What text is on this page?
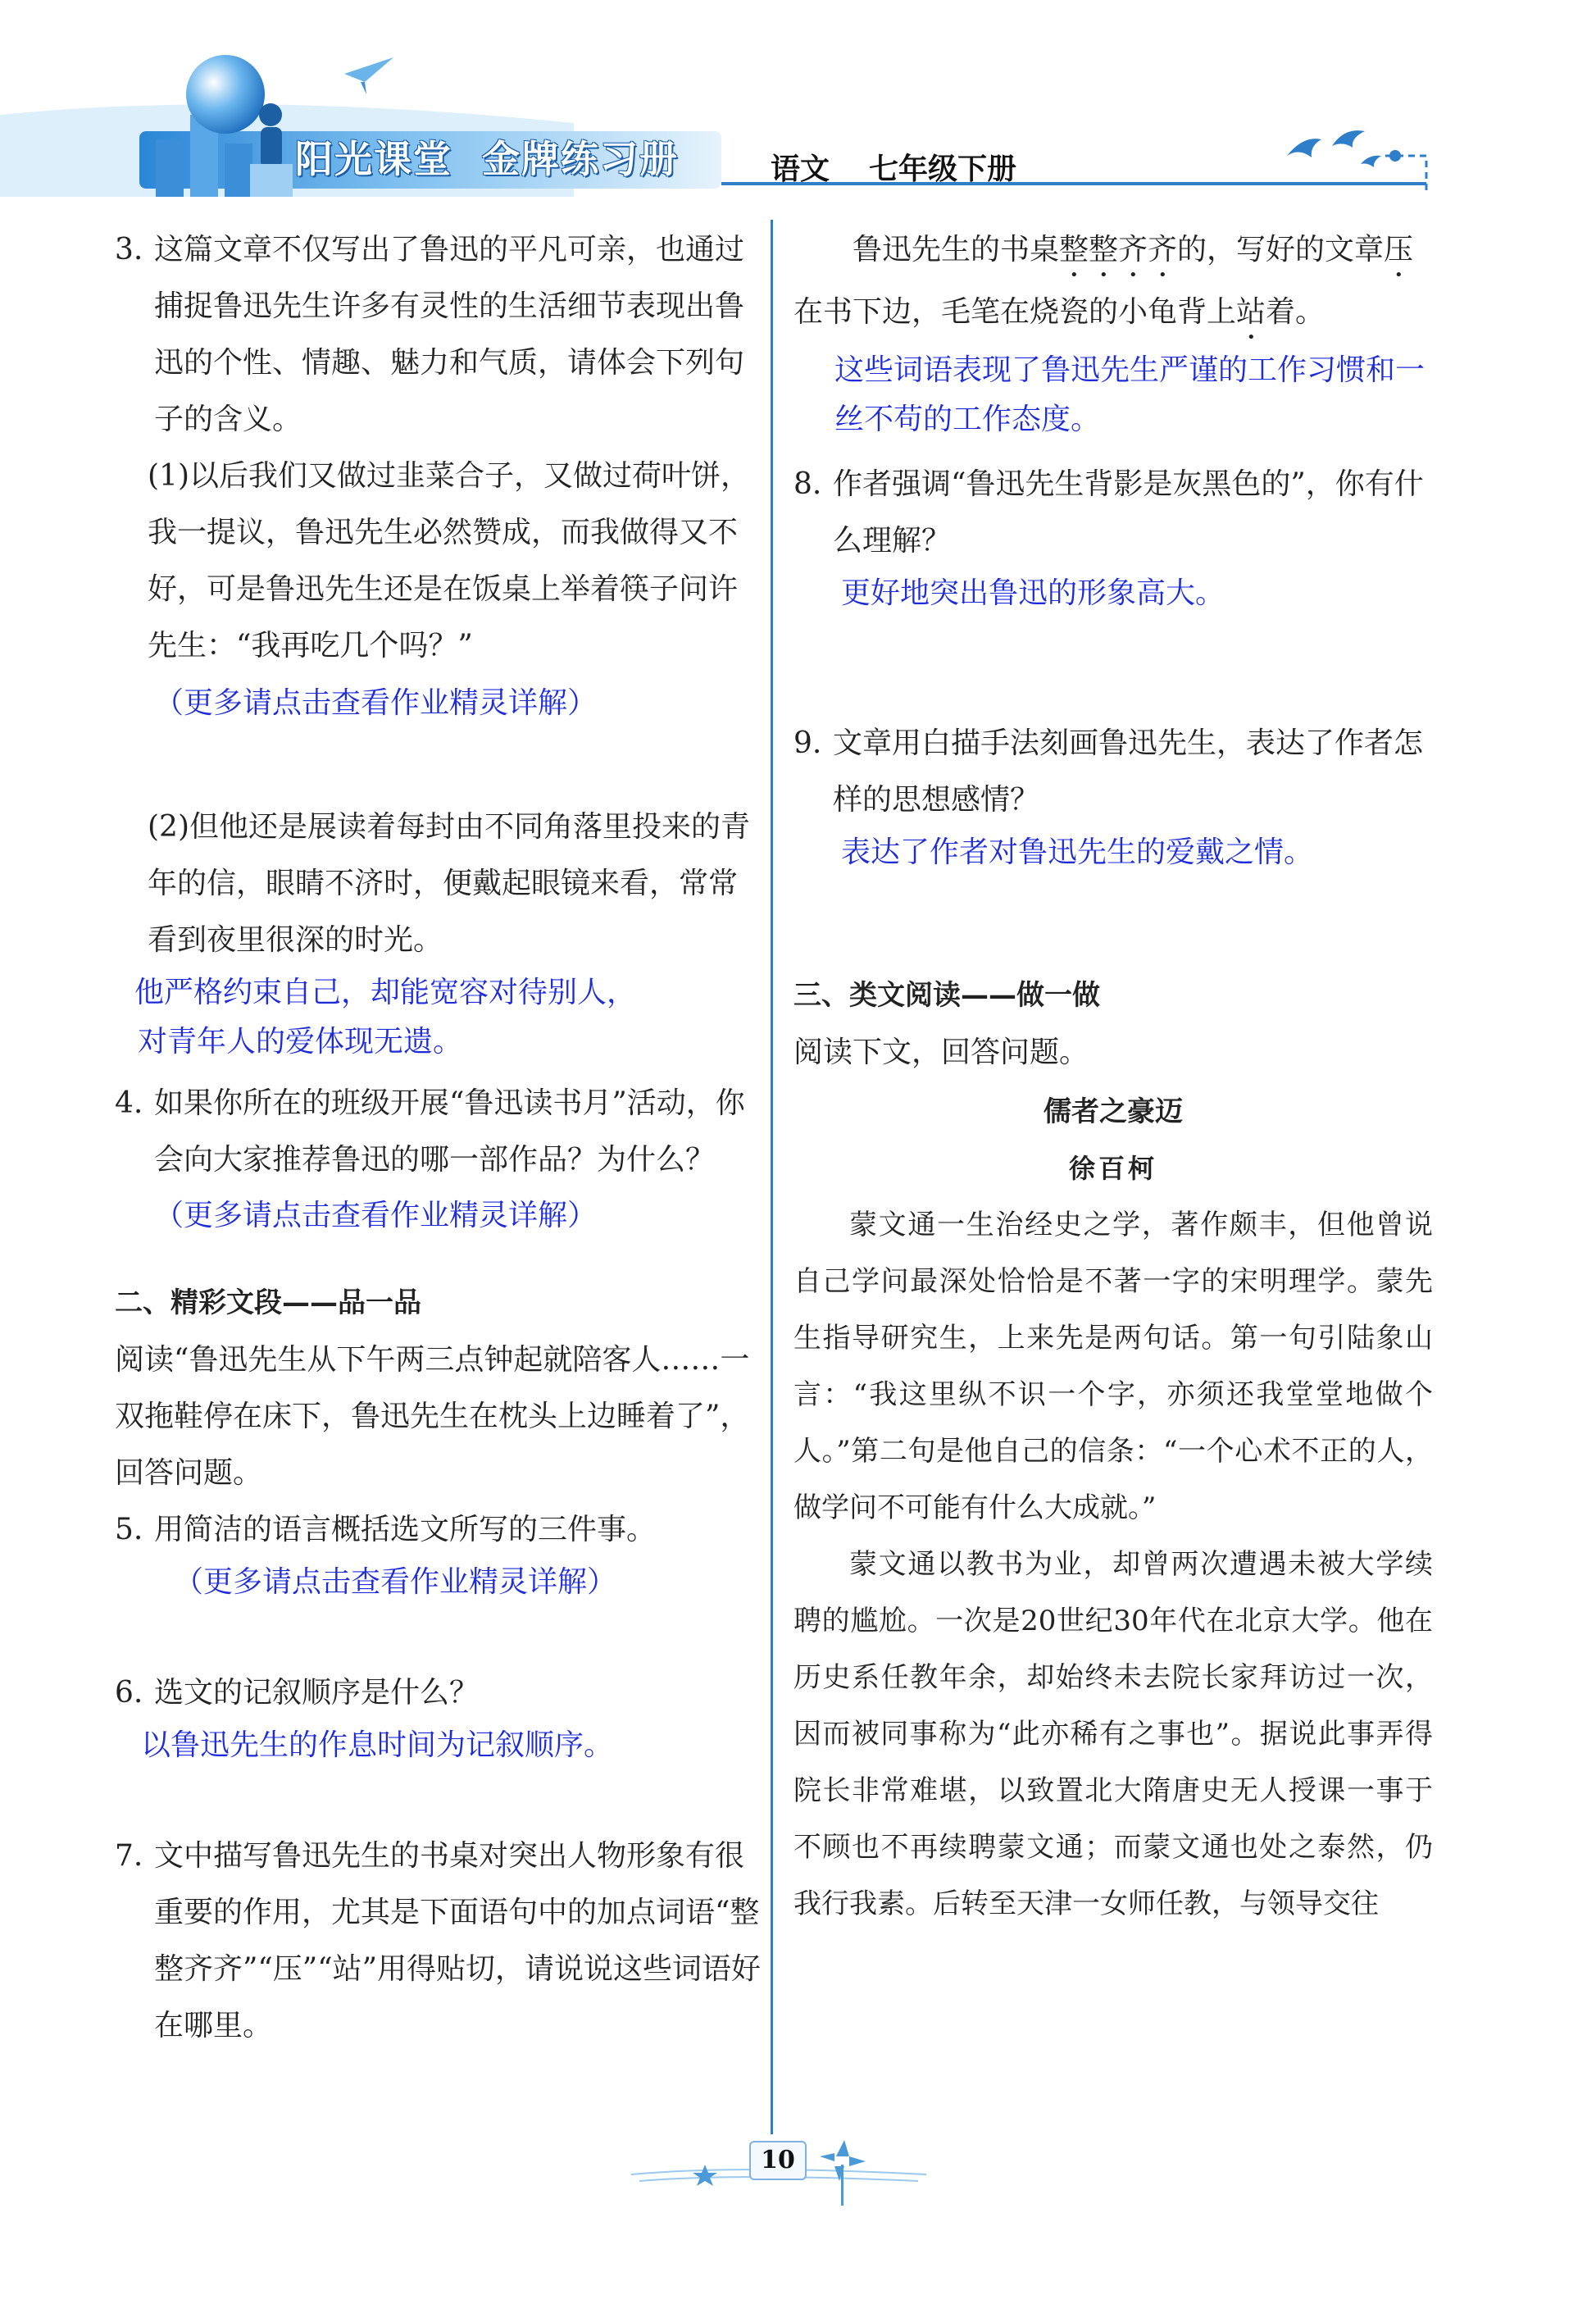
阳光课堂 金牌练习册	语文 七年级下册
3. 这篇文章不仅写出了鲁迅的平凡可亲，也通过捕捉鲁迅先生许多有灵性的生活细节表现出鲁迅的个性、情趣、魅力和气质，请体会下列句子的含义。

(1)以后我们又做过韭菜合子，又做过荷叶饼，我一提议，鲁迅先生必然赞成，而我做得又不好，可是鲁迅先生还是在饭桌上举着筷子问许先生：“我再吃几个吗？”

（更多请点击查看作业精灵详解）

(2)但他还是展读着每封由不同角落里投来的青年的信，眼睛不济时，便戴起眼镜来看，常常看到夜里很深的时光。

他严格约束自己，却能宽容对待别人，

对青年人的爱体现无遗。

4. 如果你所在的班级开展“鲁迅读书月”活动，你会向大家推荐鲁迅的哪一部作品？为什么？

（更多请点击查看作业精灵详解）

二、精彩文段——品一品

阅读“鲁迅先生从下午两三点钟起就陪客人……一双拖鞋停在床下，鲁迅先生在枕头上边睡着了”，回答问题。

5. 用简洁的语言概括选文所写的三件事。

（更多请点击查看作业精灵详解）

6. 选文的记叙顺序是什么？

以鲁迅先生的作息时间为记叙顺序。

7. 文中描写鲁迅先生的书桌对突出人物形象有很重要的作用，尤其是下面语句中的加点词语“整整齐齐”“压”“站”用得贴切，请说说这些词语好在哪里。

鲁迅先生的书桌整整齐齐的，写好的文章压在书下边，毛笔在烧瓷的小龟背上站着。

这些词语表现了鲁迅先生严谨的工作习惯和一丝不苟的工作态度。

8. 作者强调“鲁迅先生背影是灰黑色的”，你有什么理解？

更好地突出鲁迅的形象高大。

9. 文章用白描手法刻画鲁迅先生，表达了作者怎样的思想感情？

表达了作者对鲁迅先生的爱戴之情。

三、类文阅读——做一做

阅读下文，回答问题。

儒者之豪迈

徐百柯

蒙文通一生治经史之学，著作颇丰，但他曾说自己学问最深处恰恰是不著一字的宋明理学。蒙先生指导研究生，上来先是两句话。第一句引陆象山言：“我这里纵不识一个字，亦须还我堂堂地做个人。”第二句是他自己的信条：“一个心术不正的人，做学问不可能有什么大成就。”

蒙文通以教书为业，却曾两次遭遇未被大学续聘的尴尬。一次是20世纪30年代在北京大学。他在历史系任教年余，却始终未去院长家拜访过一次，因而被同事称为“此亦稀有之事也”。据说此事弄得院长非常难堪，以致置北大隋唐史无人授课一事于不顾也不再续聘蒙文通；而蒙文通也处之泰然，仍我行我素。后转至天津一女师任教，与领导交往

10
